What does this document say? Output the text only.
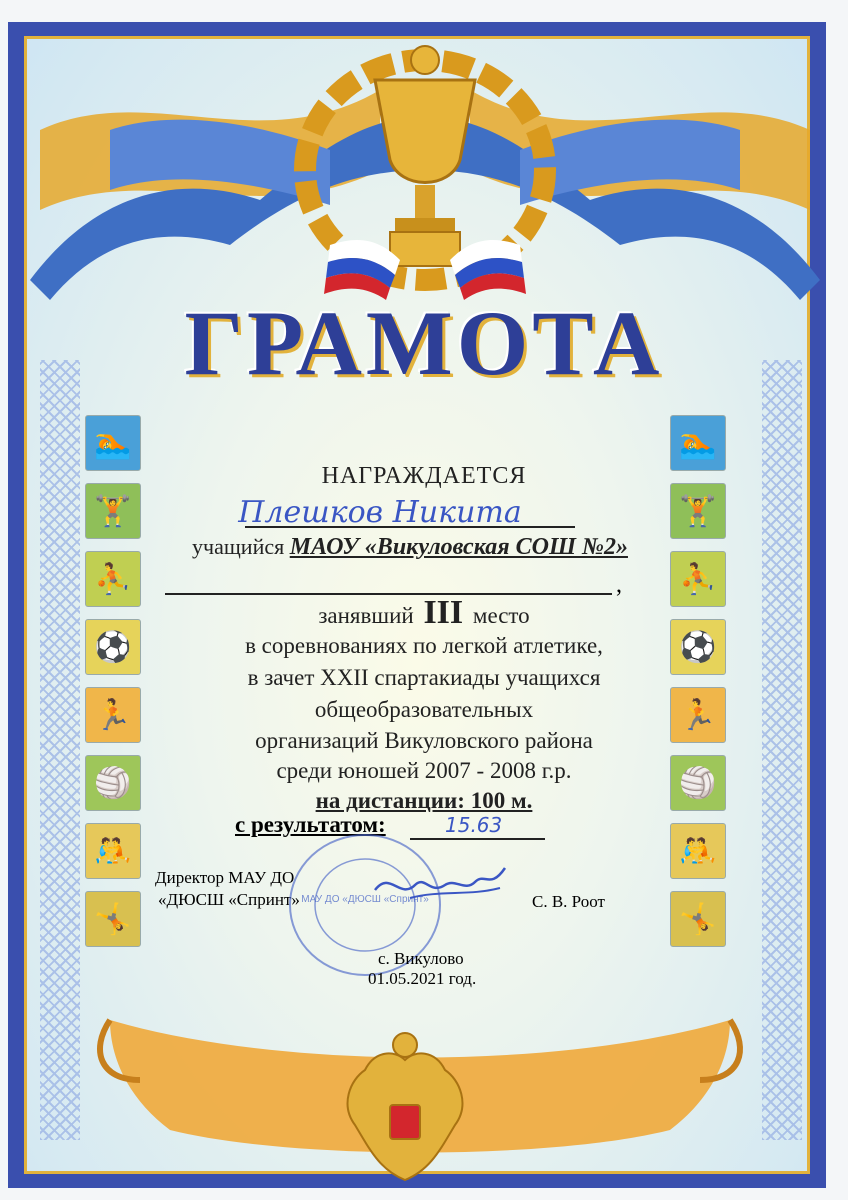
ГРАМОТА
🏊
🏋
⛹
⚽
🏃
🏐
🤼
🤸
🏊
🏋
⛹
⚽
🏃
🏐
🤼
🤸
НАГРАЖДАЕТСЯ
Плешков Никита
учащийся МАОУ «Викуловская СОШ №2»
,
занявший III место
в соревнованиях по легкой атлетике,
в зачет XXII спартакиады учащихся
общеобразовательных
организаций Викуловского района
среди юношей 2007 - 2008 г.р.
на дистанции: 100 м.
с результатом:	15.63
Директор МАУ ДО
«ДЮСШ «Спринт»	С. В. Роот
МАУ ДО «ДЮСШ «Спринт»
с. Викулово
01.05.2021 год.
